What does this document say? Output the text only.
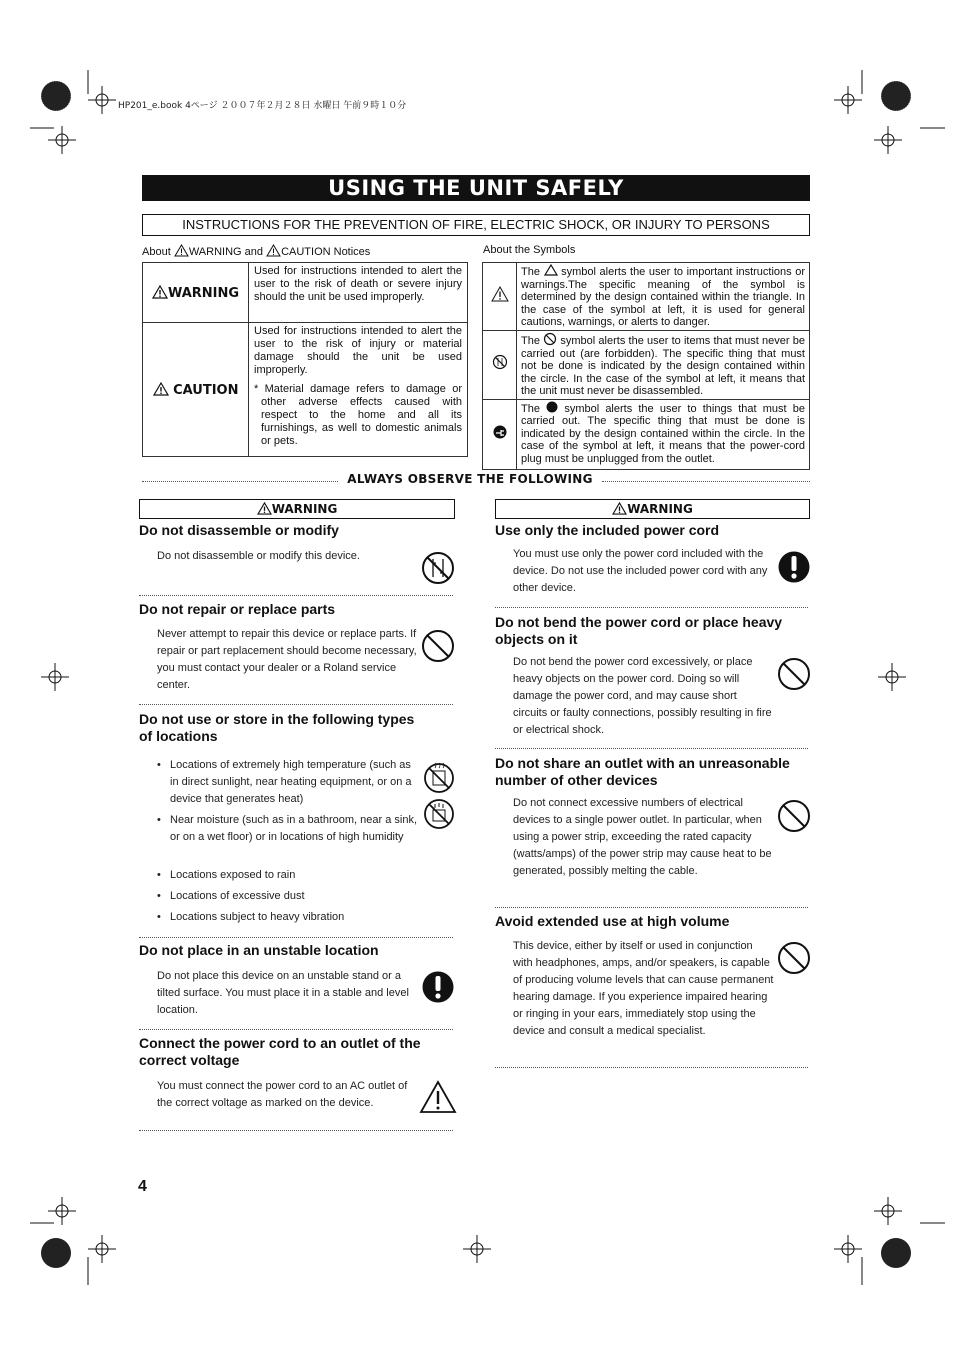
HP201_e.book 4ページ ２００７年２月２８日 水曜日 午前９時１０分
USING THE UNIT SAFELY
INSTRUCTIONS FOR THE PREVENTION OF FIRE, ELECTRIC SHOCK, OR INJURY TO PERSONS
About WARNING and CAUTION Notices
WARNING	Used for instructions intended to alert the user to the risk of death or severe injury should the unit be used improperly.
CAUTION	Used for instructions intended to alert the user to the risk of injury or material damage should the unit be used improperly.
* Material damage refers to damage or other adverse effects caused with respect to the home and all its furnishings, as well to domestic animals or pets.
About the Symbols
	The symbol alerts the user to important instructions or warnings.The specific meaning of the symbol is determined by the design contained within the triangle. In the case of the symbol at left, it is used for general cautions, warnings, or alerts to danger.
	The symbol alerts the user to items that must never be carried out (are forbidden). The specific thing that must not be done is indicated by the design contained within the circle. In the case of the symbol at left, it means that the unit must never be disassembled.
	The symbol alerts the user to things that must be carried out. The specific thing that must be done is indicated by the design contained within the circle. In the case of the symbol at left, it means that the power-cord plug must be unplugged from the outlet.
ALWAYS OBSERVE THE FOLLOWING
WARNING
Do not disassemble or modify
Do not disassemble or modify this device.
Do not repair or replace parts
Never attempt to repair this device or replace parts. If repair or part replacement should become necessary, you must contact your dealer or a Roland service center.
Do not use or store in the following types of locations
• Locations of extremely high temperature (such as in direct sunlight, near heating equipment, or on a device that generates heat)
• Near moisture (such as in a bathroom, near a sink, or on a wet floor) or in locations of high humidity
• Locations exposed to rain
• Locations of excessive dust
• Locations subject to heavy vibration
Do not place in an unstable location
Do not place this device on an unstable stand or a tilted surface. You must place it in a stable and level location.
Connect the power cord to an outlet of the correct voltage
You must connect the power cord to an AC outlet of the correct voltage as marked on the device.
WARNING
Use only the included power cord
You must use only the power cord included with the device. Do not use the included power cord with any other device.
Do not bend the power cord or place heavy objects on it
Do not bend the power cord excessively, or place heavy objects on the power cord. Doing so will damage the power cord, and may cause short circuits or faulty connections, possibly resulting in fire or electrical shock.
Do not share an outlet with an unreasonable number of other devices
Do not connect excessive numbers of electrical devices to a single power outlet. In particular, when using a power strip, exceeding the rated capacity (watts/amps) of the power strip may cause heat to be generated, possibly melting the cable.
Avoid extended use at high volume
This device, either by itself or used in conjunction with headphones, amps, and/or speakers, is capable of producing volume levels that can cause permanent hearing damage. If you experience impaired hearing or ringing in your ears, immediately stop using the device and consult a medical specialist.
4
